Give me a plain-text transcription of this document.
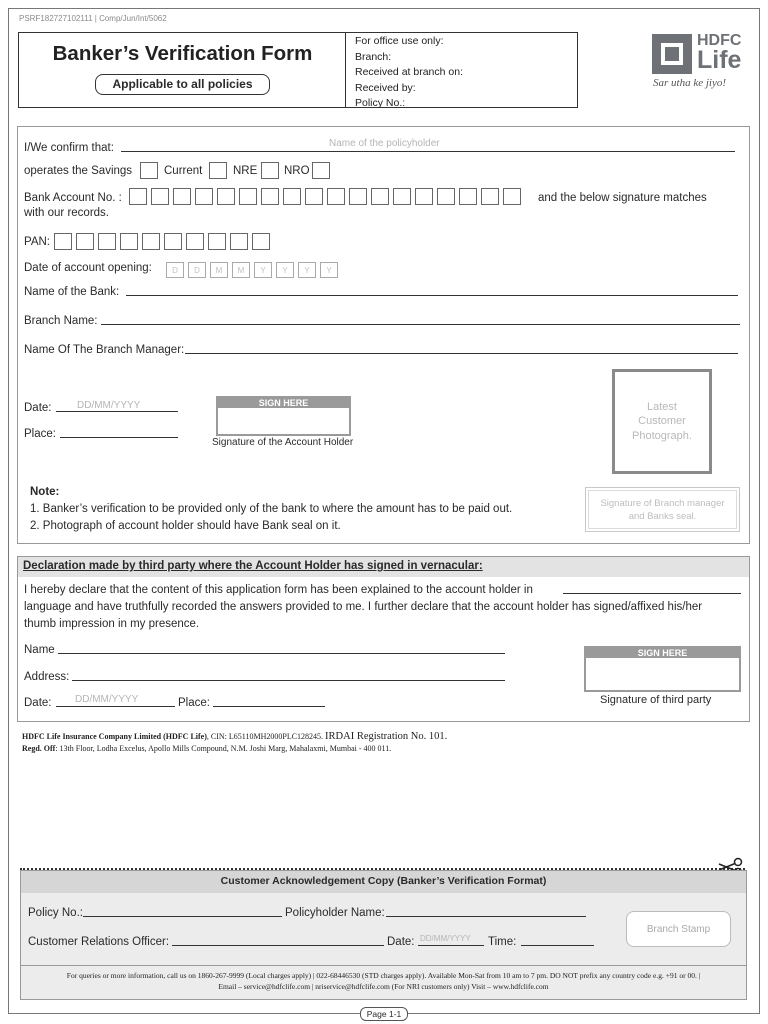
PSRF182727102111 | Comp/Jun/Int/5062
Banker’s Verification Form
Applicable to all policies
For office use only:
Branch:
Received at branch on:
Received by:
Policy No.:
HDFC
Life
Sar utha ke jiyo!
I/We confirm that:	Name of the policyholder
operates the Savings	Current	NRE NRO
Bank Account No. :	and the below signature matches
with our records.
PAN:
Date of account opening:	D	D	M	M	Y	Y	Y	Y
Name of the Bank:
Branch Name:
Name Of The Branch Manager:
Date:	DD/MM/YYYY
Place:
SIGN HERE
Signature of the Account Holder
Latest Customer Photograph.
Signature of Branch manager and Banks seal.
Note:
1. Banker’s verification to be provided only of the bank to where the amount has to be paid out.
2. Photograph of account holder should have Bank seal on it.
Declaration made by third party where the Account Holder has signed in vernacular:
I hereby declare that the content of this application form has been explained to the account holder in
language and have truthfully recorded the answers provided to me. I further declare that the account holder has signed/affixed his/her
thumb impression in my presence.
Name
Address:
Date: DD/MM/YYYY	Place:
SIGN HERE
Signature of third party
HDFC Life Insurance Company Limited (HDFC Life), CIN: L65110MH2000PLC128245. IRDAI Registration No. 101.
Regd. Off: 13th Floor, Lodha Excelus, Apollo Mills Compound, N.M. Joshi Marg, Mahalaxmi, Mumbai - 400 011.
Customer Acknowledgement Copy (Banker’s Verification Format)
Policy No.:	Policyholder Name:
Customer Relations Officer:	Date: DD/MM/YYYY Time:
Branch Stamp
For queries or more information, call us on 1860-267-9999 (Local charges apply) | 022-68446530 (STD charges apply). Available Mon-Sat from 10 am to 7 pm. DO NOT prefix any country code e.g. +91 or 00. |
Email – service@hdfclife.com | nriservice@hdfclife.com (For NRI customers only) Visit – www.hdfclife.com
Page 1-1
